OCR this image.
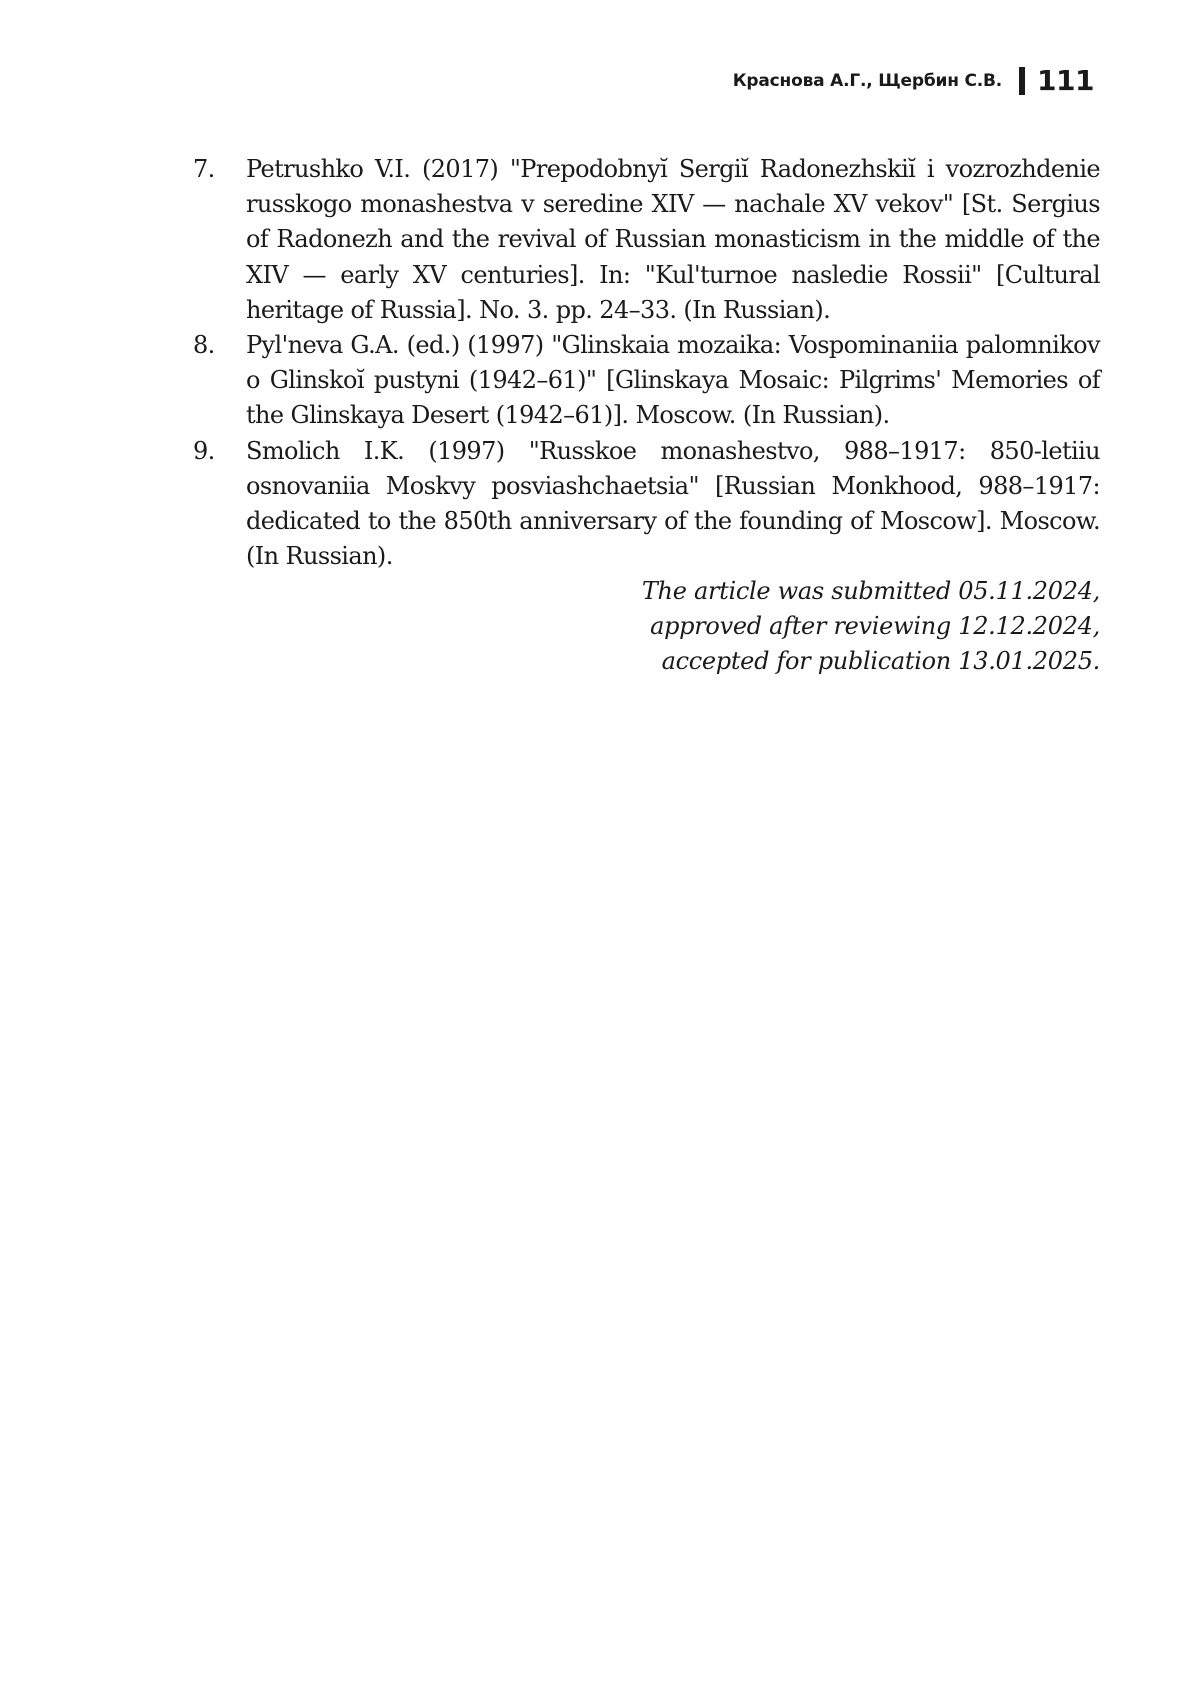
Краснова А.Г., Щербин С.В. 111
7.	Petrushko V.I. (2017) "Prepodobnyĭ Sergiĭ Radonezhskiĭ i vozrozhdenie russkogo monashestva v seredine XIV — nachale XV vekov" [St. Sergius of Radonezh and the revival of Russian monasticism in the middle of the XIV — early XV centuries]. In: "Kul'turnoe nasledie Rossii" [Cultural heritage of Russia]. No. 3. pp. 24–33. (In Russian).
8.	Pyl'neva G.A. (ed.) (1997) "Glinskaia mozaika: Vospominaniia palomnikov o Glinskoĭ pustyni (1942–61)" [Glinskaya Mosaic: Pilgrims' Memories of the Glinskaya Desert (1942–61)]. Moscow. (In Russian).
9.	Smolich I.K. (1997) "Russkoe monashestvo, 988–1917: 850-letiiu osnovaniia Moskvy posviashchaetsia" [Russian Monkhood, 988–1917: dedicated to the 850th anniversary of the founding of Moscow]. Moscow. (In Russian).
The article was submitted 05.11.2024,
approved after reviewing 12.12.2024,
accepted for publication 13.01.2025.
